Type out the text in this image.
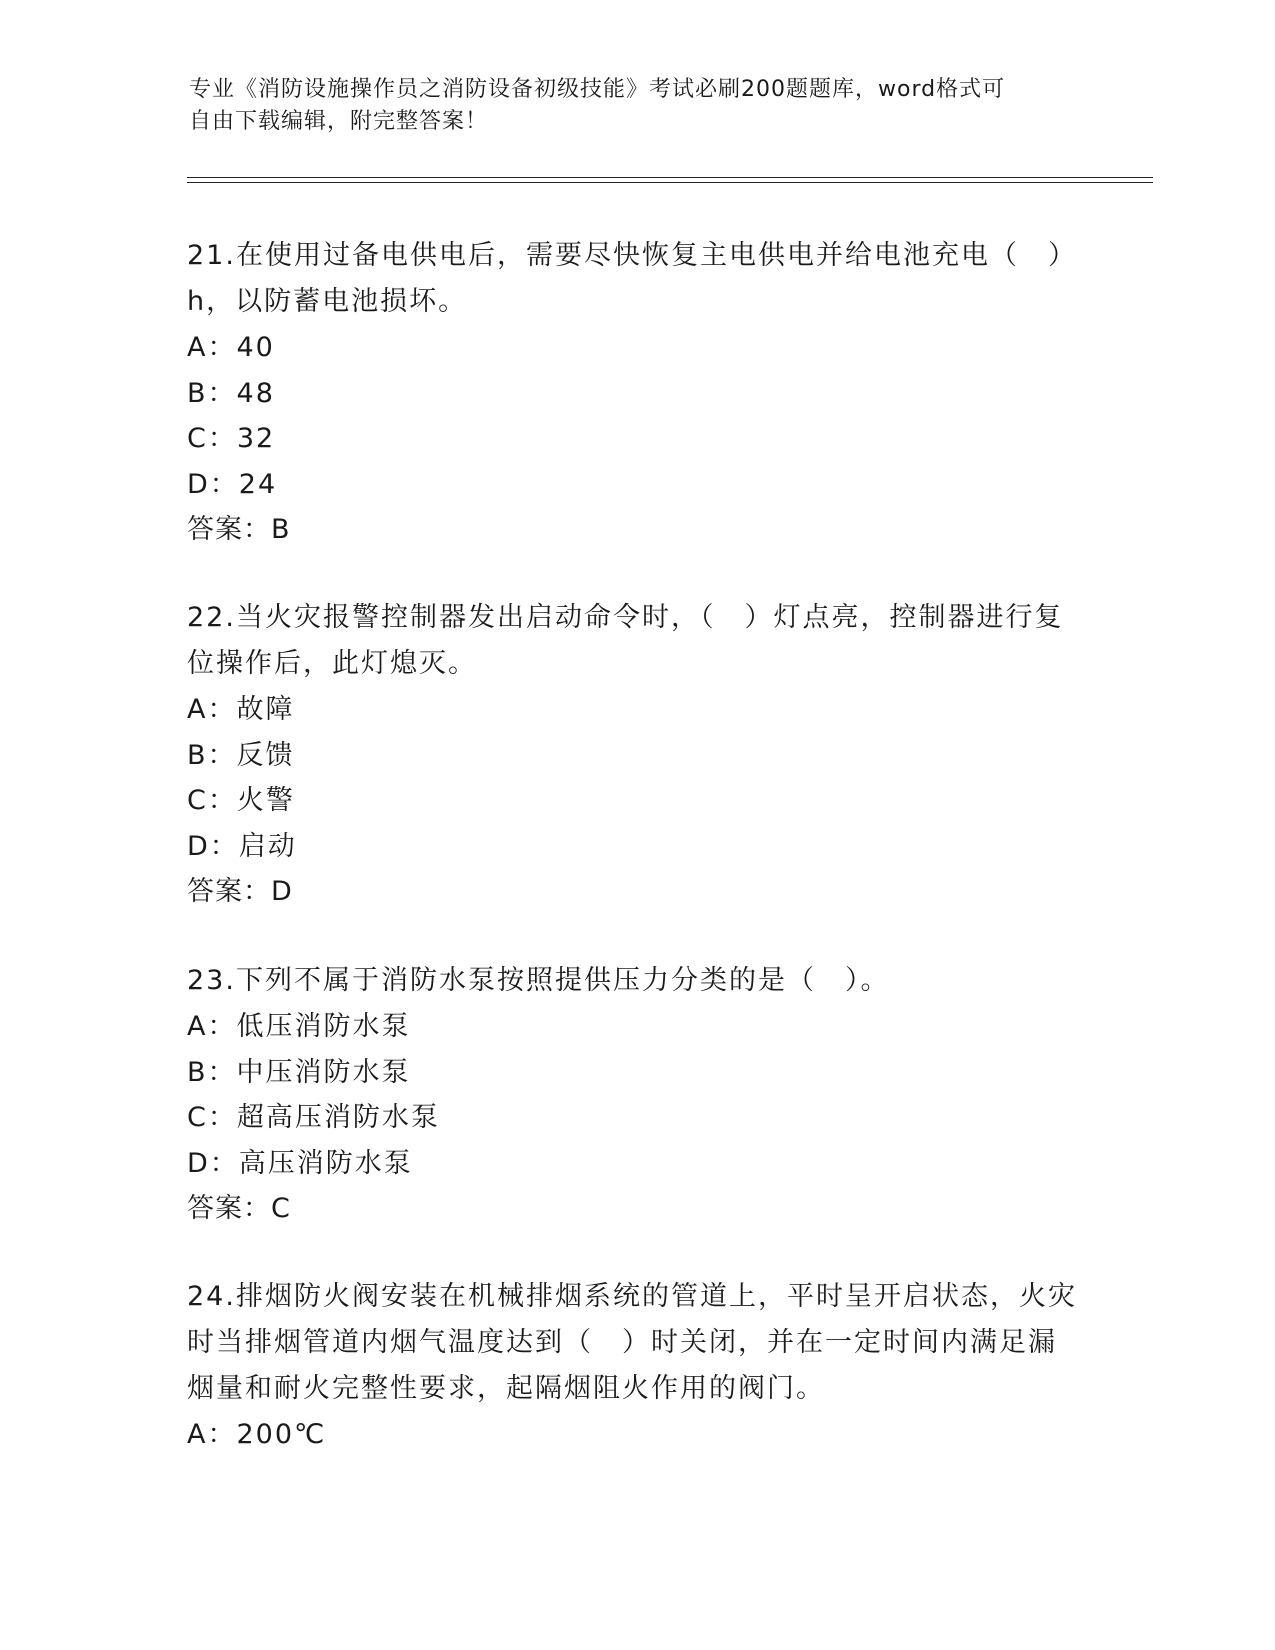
专业《消防设施操作员之消防设备初级技能》考试必刷200题题库，word格式可
自由下载编辑，附完整答案！
21.在使用过备电供电后，需要尽快恢复主电供电并给电池充电（　）
h，以防蓄电池损坏。
A：40
B：48
C：32
D：24
答案：B
22.当火灾报警控制器发出启动命令时，（　）灯点亮，控制器进行复
位操作后，此灯熄灭。
A：故障
B：反馈
C：火警
D：启动
答案：D
23.下列不属于消防水泵按照提供压力分类的是（　）。
A：低压消防水泵
B：中压消防水泵
C：超高压消防水泵
D：高压消防水泵
答案：C
24.排烟防火阀安装在机械排烟系统的管道上，平时呈开启状态，火灾
时当排烟管道内烟气温度达到（　）时关闭，并在一定时间内满足漏
烟量和耐火完整性要求，起隔烟阻火作用的阀门。
A：200℃
